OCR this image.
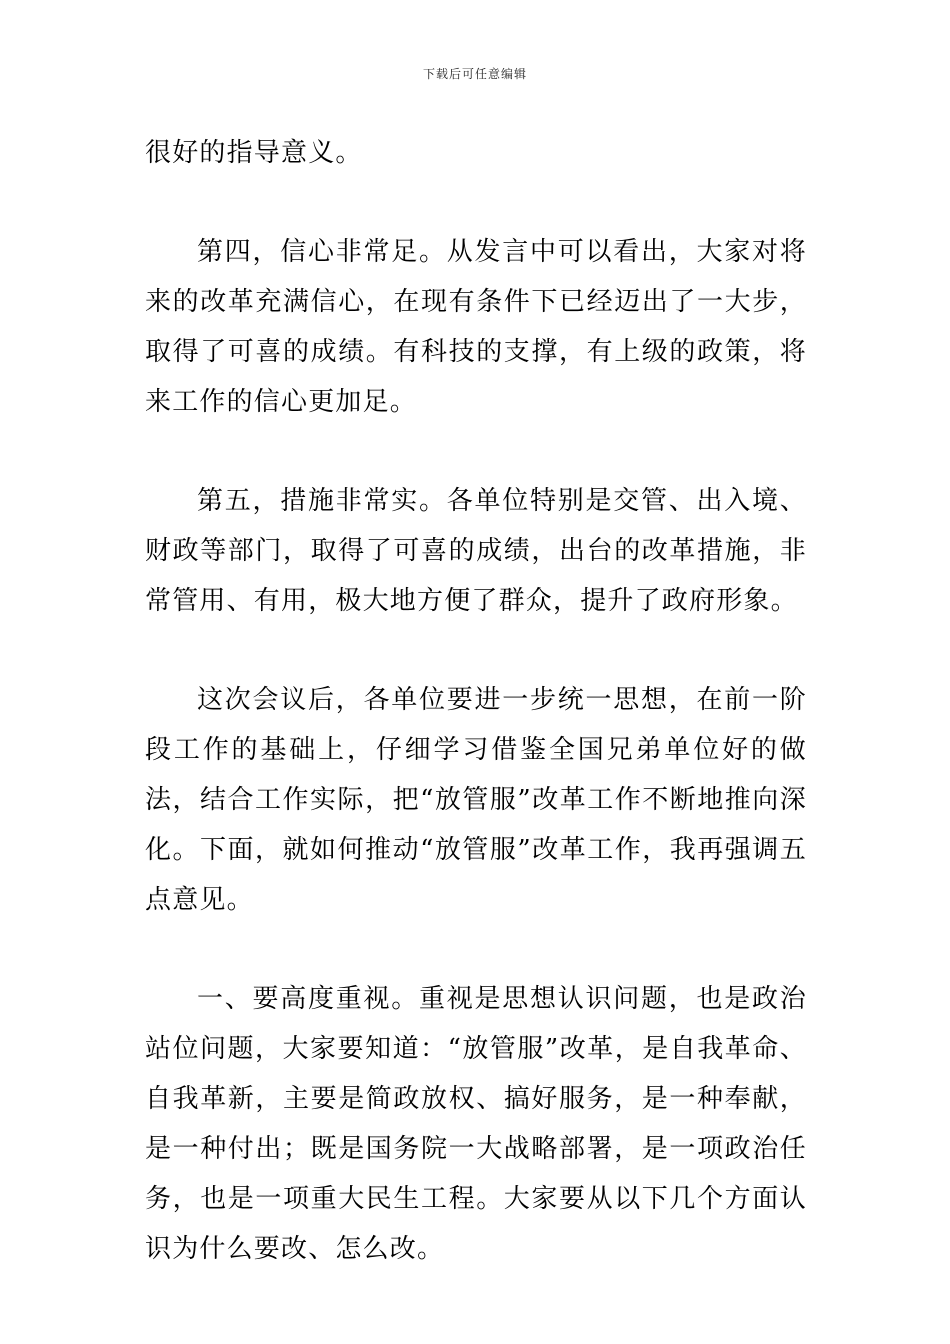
下载后可任意编辑

很好的指导意义。

第四，信心非常足。从发言中可以看出，大家对将来的改革充满信心，在现有条件下已经迈出了一大步，取得了可喜的成绩。有科技的支撑，有上级的政策，将来工作的信心更加足。

第五，措施非常实。各单位特别是交管、出入境、财政等部门，取得了可喜的成绩，出台的改革措施，非常管用、有用，极大地方便了群众，提升了政府形象。

这次会议后，各单位要进一步统一思想，在前一阶段工作的基础上，仔细学习借鉴全国兄弟单位好的做法，结合工作实际，把“放管服”改革工作不断地推向深化。下面，就如何推动“放管服”改革工作，我再强调五点意见。

一、要高度重视。重视是思想认识问题，也是政治站位问题，大家要知道：“放管服”改革，是自我革命、自我革新，主要是简政放权、搞好服务，是一种奉献，是一种付出；既是国务院一大战略部署，是一项政治任务，也是一项重大民生工程。大家要从以下几个方面认识为什么要改、怎么改。
